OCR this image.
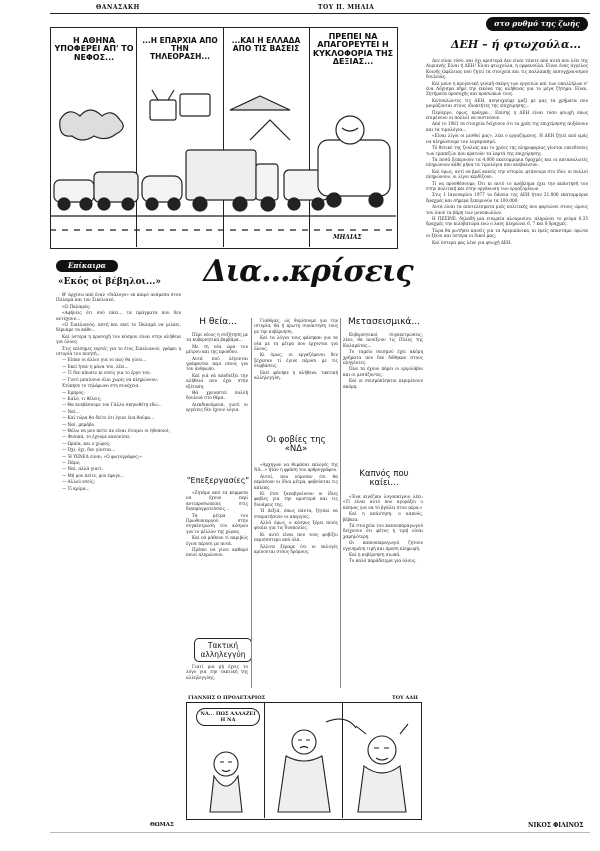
ΘΑΝΑΣΑΚΗ	ΤΟΥ Π. ΜΗΛΙΑ
Η ΑΘΗΝΑ ΥΠΟΦΕΡΕΙ ΑΠ' ΤΟ ΝΕΦΟΣ...
...Η ΕΠΑΡΧΙΑ ΑΠΟ ΤΗΝ ΤΗΛΕΟΡΑΣΗ...
...ΚΑΙ Η ΕΛΛΑΔΑ ΑΠΟ ΤΙΣ ΒΑΣΕΙΣ
ΠΡΕΠΕΙ ΝΑ ΑΠΑΓΟΡΕΥΤΕΙ Η ΚΥΚΛΟΦΟΡΙΑ ΤΗΣ ΔΕΞΙΑΣ...
ΜΗΛΙΑΣ
στο ρυθμό της ζωής
ΔΕΗ – ή φτωχούλα...

Δεν είναι τόσο, και όχι αριστερά Δεν είναι τίποτε από αυτά που λέει της Αυριανής Είναι ή ΔΕΗ! Είναι φτωχούλα, η ορφανούλα. Είναι ένας άγγελος Κοινής Ωφέλειας πού ζητεί τα στοιχεία και τις παλλαικής εκσυγχρονισμού δουλειάς.

Καί μόνο η προγενική γενική σκέψη των εργατών καί των υπαλλήλων σ' ένα Λόχισμα πήρε την εικόνα της αλήθειας για το μέγα ζήτημα. Είναι, Ζητήματα προσοχής και προσώπων τους.

Κατσαλώντες τίς ΔΕΗ, ανησυχούμε μαζί με μας τα χρήματα που μοιράζονται στους ιδιοκτήτες της επιχείρησης...

Περίεργο, όμως, πράγμα... Επίσης η ΔΕΗ είναι τόσο φτωχή όπως επιμένουν οι πολλοί να πιστεύουν.

Από το 1981 τα στοιχεία δείχνουν ότι τα χρέη της επιχείρησης αυξάνουν και τα τιμολόγια...

«Είναι λίγοι οι μισθοί μας», λέει ο εργαζόμενος. Η ΔΕΗ ζητεί από εμάς να πληρώσουμε τον λογαριασμό.

Τό θετικό της ζουλιάς και το χρέος της πληροφορίας γίνεται επενδύσεις των τραπεζών που κρατούν τα λεφτά της επιχείρησης.

Τα ποσά ξεπερνούν τα 4.000 εκατομμύρια δραχμές και οι καταναλωτές πληρώνουν κάθε μήνα τα τιμολόγια που ανεβαίνουν.

Καί όμως, αντί να βρεί κανείς την ιστορία, φτάνουμε στο ίδιο: οι πολλοί πληρώνουν, οι λίγοι κερδίζουν.

Τί να προσθέσουμε; Ότι κι αυτό το πρόβλημα έχει την απάντησή του στην πολιτική και στην οργάνωση των εργαζομένων.

Στις 1 Ιανουαρίου 1977 τα δάνεια της ΔΕΗ ήταν 21.000 εκατομμύρια δραχμές και σήμερα ξεπερνούν τα 100.000.

Αυτά είναι τα αποτελέσματα μιάς πολιτικής που φορτώνει στους ώμους του λαού τα βάρη των μονοπωλίων.

Η ΠΕΣΙΝΕ, δηλαδή μια εταιρεία αλουμινίου, πληρώνει το ρεύμα 0,35 δραχμές την κιλοβατώρα ενώ ο λαός πληρώνει 6, 7 και 8 δραχμές.

Τώρα θα ρωτήσει κανείς για τα Αμερικάνικα, κι εμείς απαντάμε: πρώτα οι ξένοι και ύστερα οι δικοί μας;

Καί ύστερα μας λένε για φτωχή ΔΕΗ.

ΝΙΚΟΣ ΦΙΛΙΝΟΣ
Επίκαιρα
«Εκός οί βέβηλοι...»

Θ' άρχίσω από έναν «διάλογο» εκ καιρό ανάμεσα στον Παλαμά και τον Σικελιανό.

«Ο Παλαμάς:

«Αφήνεις ότι σού πάει... τα πράγματα που δεν αντέχουν...

«Ο Σικελιανός: απτή και εκεί το Παλαμά να μιλάει, δέρναμε τα κάθε...

Καί ύστερα η προσοχή του κόσμου είναι στην αλήθεια για όλους.

Στις επίσημες εορτές για το έτος Σικελιανού, γράφει η ιστορία του ποιητή...

— Είπαν οι άλλοι για το πώς θα γίνει...

— Εκεί ήταν η μάνα του, λέει...

— Τί δεν κάνατε κι εσείς για το έργο του;

— Γιατί μπαίνουν όλοι χωρίς να πληρώνουν;

Χτύπησε το τηλέφωνο στη συνέχεια.

— Εμπρός;

— Καλό, τι θέλεις;

— Θα ανεβάσουμε τον Γάλλο σκηνοθέτη εδώ...

— Ναί...

— Καί τώρα θα δείτε ότι έγινε ένα θαύμα...

— Ναί, μπράβο.

— Θέλω να μου πείτε αν είναι έτοιμοι οι ηθοποιοί;

— Φυσικά, το έχουμε κανονίσει.

— Ωραία, και ο χώρος;

— Όχι, όχι, δεν γίνεται...

— Ή ΥΕΝΕΔ είναι; «Ο φωτογράφος;»

— Πάμε;

— Ναί, αλλά γιατί;

— Μή μου πείτε, μου έφυγε...

— Αλλού εσείς;

— Τί κρίμα...

ΘΩΜΑΣ
Δια...κρίσεις
Η θεία...

Πέρι νέους η συζήτηση με τα κυβερνητικά βαρβάρα...

Με τη νέα ώρα του μέτρου και της προόδου.

Αυτά πού λέγονται γράφονται περί νέους για τον άνθρωπο.

Καί γιά νά αποδείξει την αλήθεια που έχει στην εξέταση.

Θά χρειαστεί πολλή δουλειά στο θέμα.

Διεκδικούμενα, γιατί οι εργάτες δέν έχουν λόγια.

"Επεξεργασίες"

«Ζητάμε από τα κόμματα να έχουν περί αντιπροσωπείας στις διαπραγματεύσεις...

Τα μέτρα του Πρωθυπουργού στην συγκέντρωση του κόσμου για το μέλλον της χώρας.

Καί νά μάθουν τί ακριβώς έγινε πέρυσι με αυτά.

Πρέπει να γίνει καθαρό ποιοί πληρώνουν.

Τακτική αλληλεγγύη

Γιατί μια μή έχεις το λόγο για την τακτική της αλληλεγγύης.

Γιαθόρες, ώς θυμίσουμε για την ιστορία, θα ή πρωτη συνάντηση τους με την κυβέρνηση.

Καί τα λόγια τους φάνηκαν για τα νέα με τα μέτρα που έρχονται για όλους.

Κι όμως, οι εργαζόμενοι δεν ξέχασαν τί έγινε πέρυσι με τις συμβάσεις.

Εκεί φάνηκε η αλήθεια: τακτική αλληλεγγύη.

Οι φοβίες της «ΝΔ»

«Αρχηγών να θυμάσαι εκλογές της ΝΔ...» ήταν η φράση του αρθρογράφου.

Αυτοί, που νόμισαν ότι θα περάσουν οι ίδιοι μέτρα, φοβούνται τις κάλπες.

Κι έτσι ξαναβγαίνουν οι ίδιες φοβίες για την αριστερά και τις δυνάμεις της.

Ή Δεξιά, όπως πάντα, ζητάει να σταματήσουν οι απεργίες.

Αλλά όμως, ο κόσμος ξέρει ποιός φταίει για τις δυσκολίες.

Κι αυτό είναι που τους φοβίζει περισσότερο από όλα.

Άλλοτε ξέραμε ότι οι εκλογές κρίνονται στους δρόμους.

Μετασεισμικά...

Κυβερνητικοί συγκεντρώσεις, λένε, θα ανοίξουν τις Πύλες της Καλαμάτας...

Το ταμείο σεισμού έχει ακόμη χρήματα που δεν δόθηκαν στους πληγέντες.

Όλα τα έχουν πάρει οι εργολάβοι και οι μεσάζοντες.

Καί οι σεισμόπληκτοι περιμένουν ακόμη.

Καπνός που καίει...

«Ένα κινέζικο λογοπαίγνιο λέει: «Τί είναι αυτό που αγοράζει ο κόσμος για να τό βγάλει στον αέρα;»

Καί η απάντηση: ο καπνός, βέβαια.

Τά στοιχεία του καπνοπαραγωγού δείχνουν ότι φέτος η τιμή είναι χαμηλότερη.

Οι καπνοπαραγωγοί ζητούν εγγυημένη τιμή και άμεση πληρωμή.

Καί η κυβέρνηση σιωπά.

Το καλό παράδειγμα για όλους.

ΓΙΑΝΝΗΣ Ο ΠΡΟΛΕΤΑΡΙΟΣ	ΤΟΥ ΑΔΗ
ΝΑ... ΠΩΣ ΑΛΛΑΖΕΙ Η ΝΔ
